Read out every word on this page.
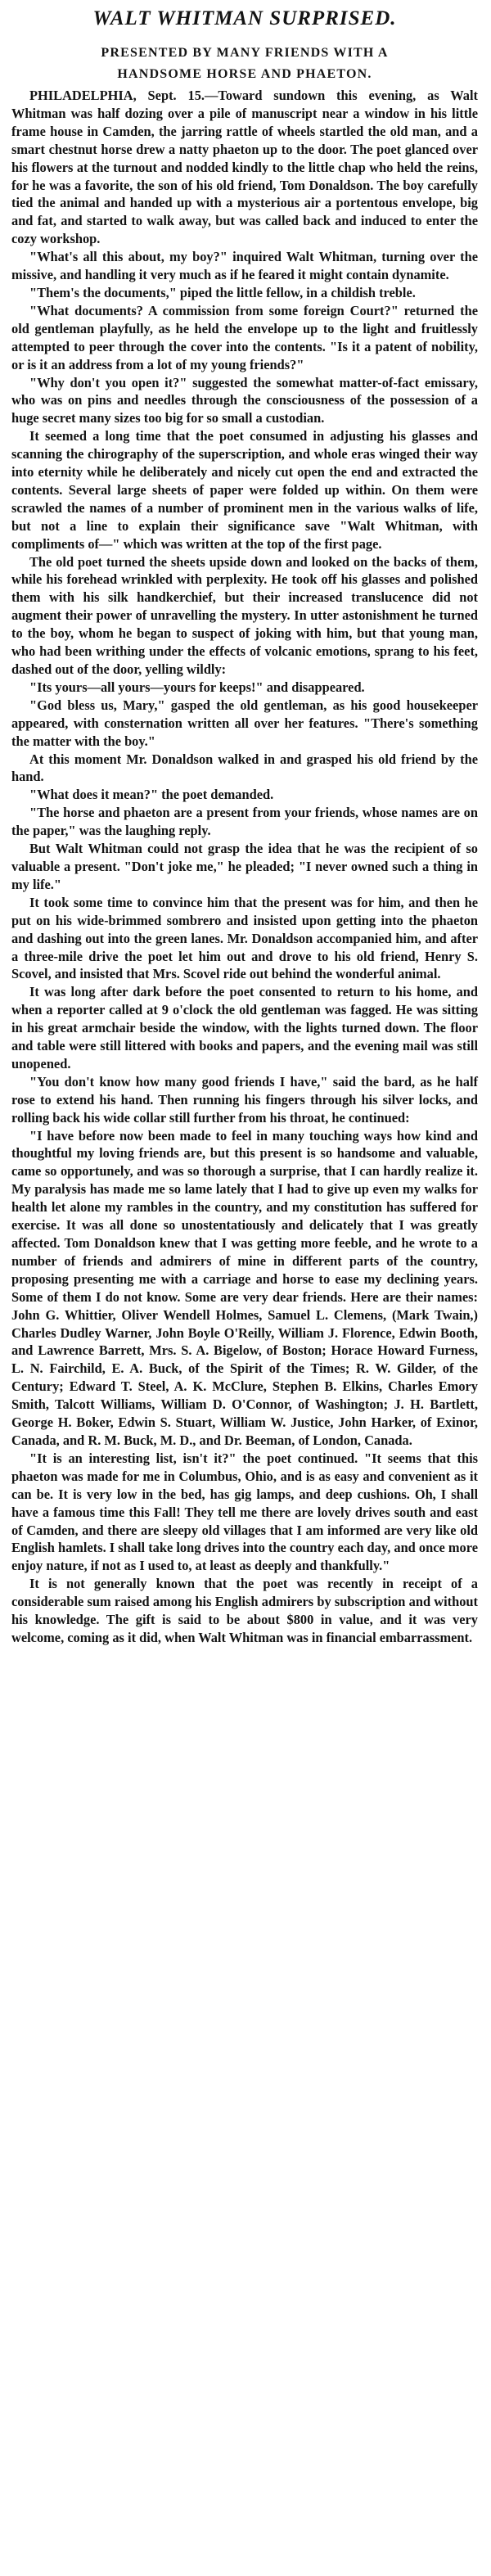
WALT WHITMAN SURPRISED.
PRESENTED BY MANY FRIENDS WITH A
HANDSOME HORSE AND PHAETON.

PHILADELPHIA, Sept. 15.—Toward sundown this evening, as Walt Whitman was half dozing over a pile of manuscript near a window in his little frame house in Camden, the jarring rattle of wheels startled the old man, and a smart chestnut horse drew a natty phaeton up to the door. The poet glanced over his flowers at the turnout and nodded kindly to the little chap who held the reins, for he was a favorite, the son of his old friend, Tom Donaldson. The boy carefully tied the animal and handed up with a mysterious air a portentous envelope, big and fat, and started to walk away, but was called back and induced to enter the cozy workshop.

"What's all this about, my boy?" inquired Walt Whitman, turning over the missive, and handling it very much as if he feared it might contain dynamite.

"Them's the documents," piped the little fellow, in a childish treble.

"What documents? A commission from some foreign Court?" returned the old gentleman playfully, as he held the envelope up to the light and fruitlessly attempted to peer through the cover into the contents. "Is it a patent of nobility, or is it an address from a lot of my young friends?"

"Why don't you open it?" suggested the somewhat matter-of-fact emissary, who was on pins and needles through the consciousness of the possession of a huge secret many sizes too big for so small a custodian.

It seemed a long time that the poet consumed in adjusting his glasses and scanning the chirography of the superscription, and whole eras winged their way into eternity while he deliberately and nicely cut open the end and extracted the contents. Several large sheets of paper were folded up within. On them were scrawled the names of a number of prominent men in the various walks of life, but not a line to explain their significance save "Walt Whitman, with compliments of—" which was written at the top of the first page.

The old poet turned the sheets upside down and looked on the backs of them, while his forehead wrinkled with perplexity. He took off his glasses and polished them with his silk handkerchief, but their increased translucence did not augment their power of unravelling the mystery. In utter astonishment he turned to the boy, whom he began to suspect of joking with him, but that young man, who had been writhing under the effects of volcanic emotions, sprang to his feet, dashed out of the door, yelling wildly:

"Its yours—all yours—yours for keeps!" and disappeared.

"God bless us, Mary," gasped the old gentleman, as his good housekeeper appeared, with consternation written all over her features. "There's something the matter with the boy."

At this moment Mr. Donaldson walked in and grasped his old friend by the hand.

"What does it mean?" the poet demanded.

"The horse and phaeton are a present from your friends, whose names are on the paper," was the laughing reply.

But Walt Whitman could not grasp the idea that he was the recipient of so valuable a present. "Don't joke me," he pleaded; "I never owned such a thing in my life."

It took some time to convince him that the present was for him, and then he put on his wide-brimmed sombrero and insisted upon getting into the phaeton and dashing out into the green lanes. Mr. Donaldson accompanied him, and after a three-mile drive the poet let him out and drove to his old friend, Henry S. Scovel, and insisted that Mrs. Scovel ride out behind the wonderful animal.

It was long after dark before the poet consented to return to his home, and when a reporter called at 9 o'clock the old gentleman was fagged. He was sitting in his great armchair beside the window, with the lights turned down. The floor and table were still littered with books and papers, and the evening mail was still unopened.

"You don't know how many good friends I have," said the bard, as he half rose to extend his hand. Then running his fingers through his silver locks, and rolling back his wide collar still further from his throat, he continued:

"I have before now been made to feel in many touching ways how kind and thoughtful my loving friends are, but this present is so handsome and valuable, came so opportunely, and was so thorough a surprise, that I can hardly realize it. My paralysis has made me so lame lately that I had to give up even my walks for health let alone my rambles in the country, and my constitution has suffered for exercise. It was all done so unostentatiously and delicately that I was greatly affected. Tom Donaldson knew that I was getting more feeble, and he wrote to a number of friends and admirers of mine in different parts of the country, proposing presenting me with a carriage and horse to ease my declining years. Some of them I do not know. Some are very dear friends. Here are their names: John G. Whittier, Oliver Wendell Holmes, Samuel L. Clemens, (Mark Twain,) Charles Dudley Warner, John Boyle O'Reilly, William J. Florence, Edwin Booth, and Lawrence Barrett, Mrs. S. A. Bigelow, of Boston; Horace Howard Furness, L. N. Fairchild, E. A. Buck, of the Spirit of the Times; R. W. Gilder, of the Century; Edward T. Steel, A. K. McClure, Stephen B. Elkins, Charles Emory Smith, Talcott Williams, William D. O'Connor, of Washington; J. H. Bartlett, George H. Boker, Edwin S. Stuart, William W. Justice, John Harker, of Exinor, Canada, and R. M. Buck, M. D., and Dr. Beeman, of London, Canada.

"It is an interesting list, isn't it?" the poet continued. "It seems that this phaeton was made for me in Columbus, Ohio, and is as easy and convenient as it can be. It is very low in the bed, has gig lamps, and deep cushions. Oh, I shall have a famous time this Fall! They tell me there are lovely drives south and east of Camden, and there are sleepy old villages that I am informed are very like old English hamlets. I shall take long drives into the country each day, and once more enjoy nature, if not as I used to, at least as deeply and thankfully."

It is not generally known that the poet was recently in receipt of a considerable sum raised among his English admirers by subscription and without his knowledge. The gift is said to be about $800 in value, and it was very welcome, coming as it did, when Walt Whitman was in financial embarrassment.
